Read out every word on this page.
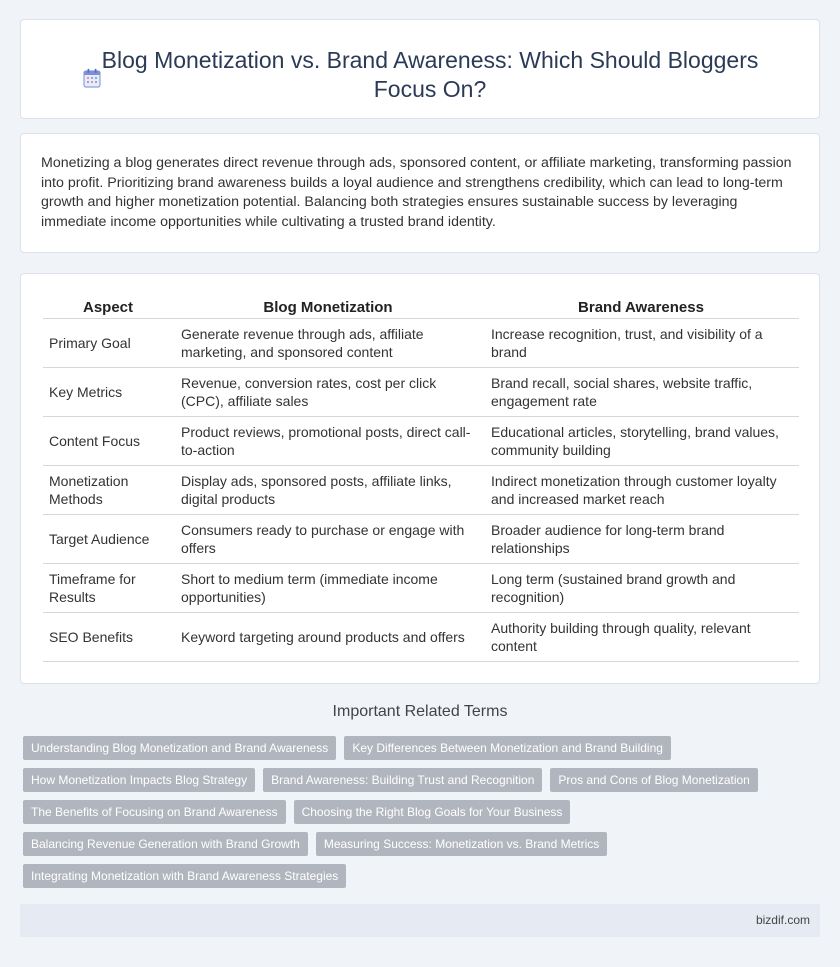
Blog Monetization vs. Brand Awareness: Which Should Bloggers Focus On?

Monetizing a blog generates direct revenue through ads, sponsored content, or affiliate marketing, transforming passion into profit. Prioritizing brand awareness builds a loyal audience and strengthens credibility, which can lead to long-term growth and higher monetization potential. Balancing both strategies ensures sustainable success by leveraging immediate income opportunities while cultivating a trusted brand identity.

Aspect	Blog Monetization	Brand Awareness
Primary Goal	Generate revenue through ads, affiliate marketing, and sponsored content	Increase recognition, trust, and visibility of a brand
Key Metrics	Revenue, conversion rates, cost per click (CPC), affiliate sales	Brand recall, social shares, website traffic, engagement rate
Content Focus	Product reviews, promotional posts, direct call-to-action	Educational articles, storytelling, brand values, community building
Monetization Methods	Display ads, sponsored posts, affiliate links, digital products	Indirect monetization through customer loyalty and increased market reach
Target Audience	Consumers ready to purchase or engage with offers	Broader audience for long-term brand relationships
Timeframe for Results	Short to medium term (immediate income opportunities)	Long term (sustained brand growth and recognition)
SEO Benefits	Keyword targeting around products and offers	Authority building through quality, relevant content
Important Related Terms
Understanding Blog Monetization and Brand Awareness	Key Differences Between Monetization and Brand Building
How Monetization Impacts Blog Strategy	Brand Awareness: Building Trust and Recognition	Pros and Cons of Blog Monetization
The Benefits of Focusing on Brand Awareness	Choosing the Right Blog Goals for Your Business
Balancing Revenue Generation with Brand Growth	Measuring Success: Monetization vs. Brand Metrics
Integrating Monetization with Brand Awareness Strategies
bizdif.com
